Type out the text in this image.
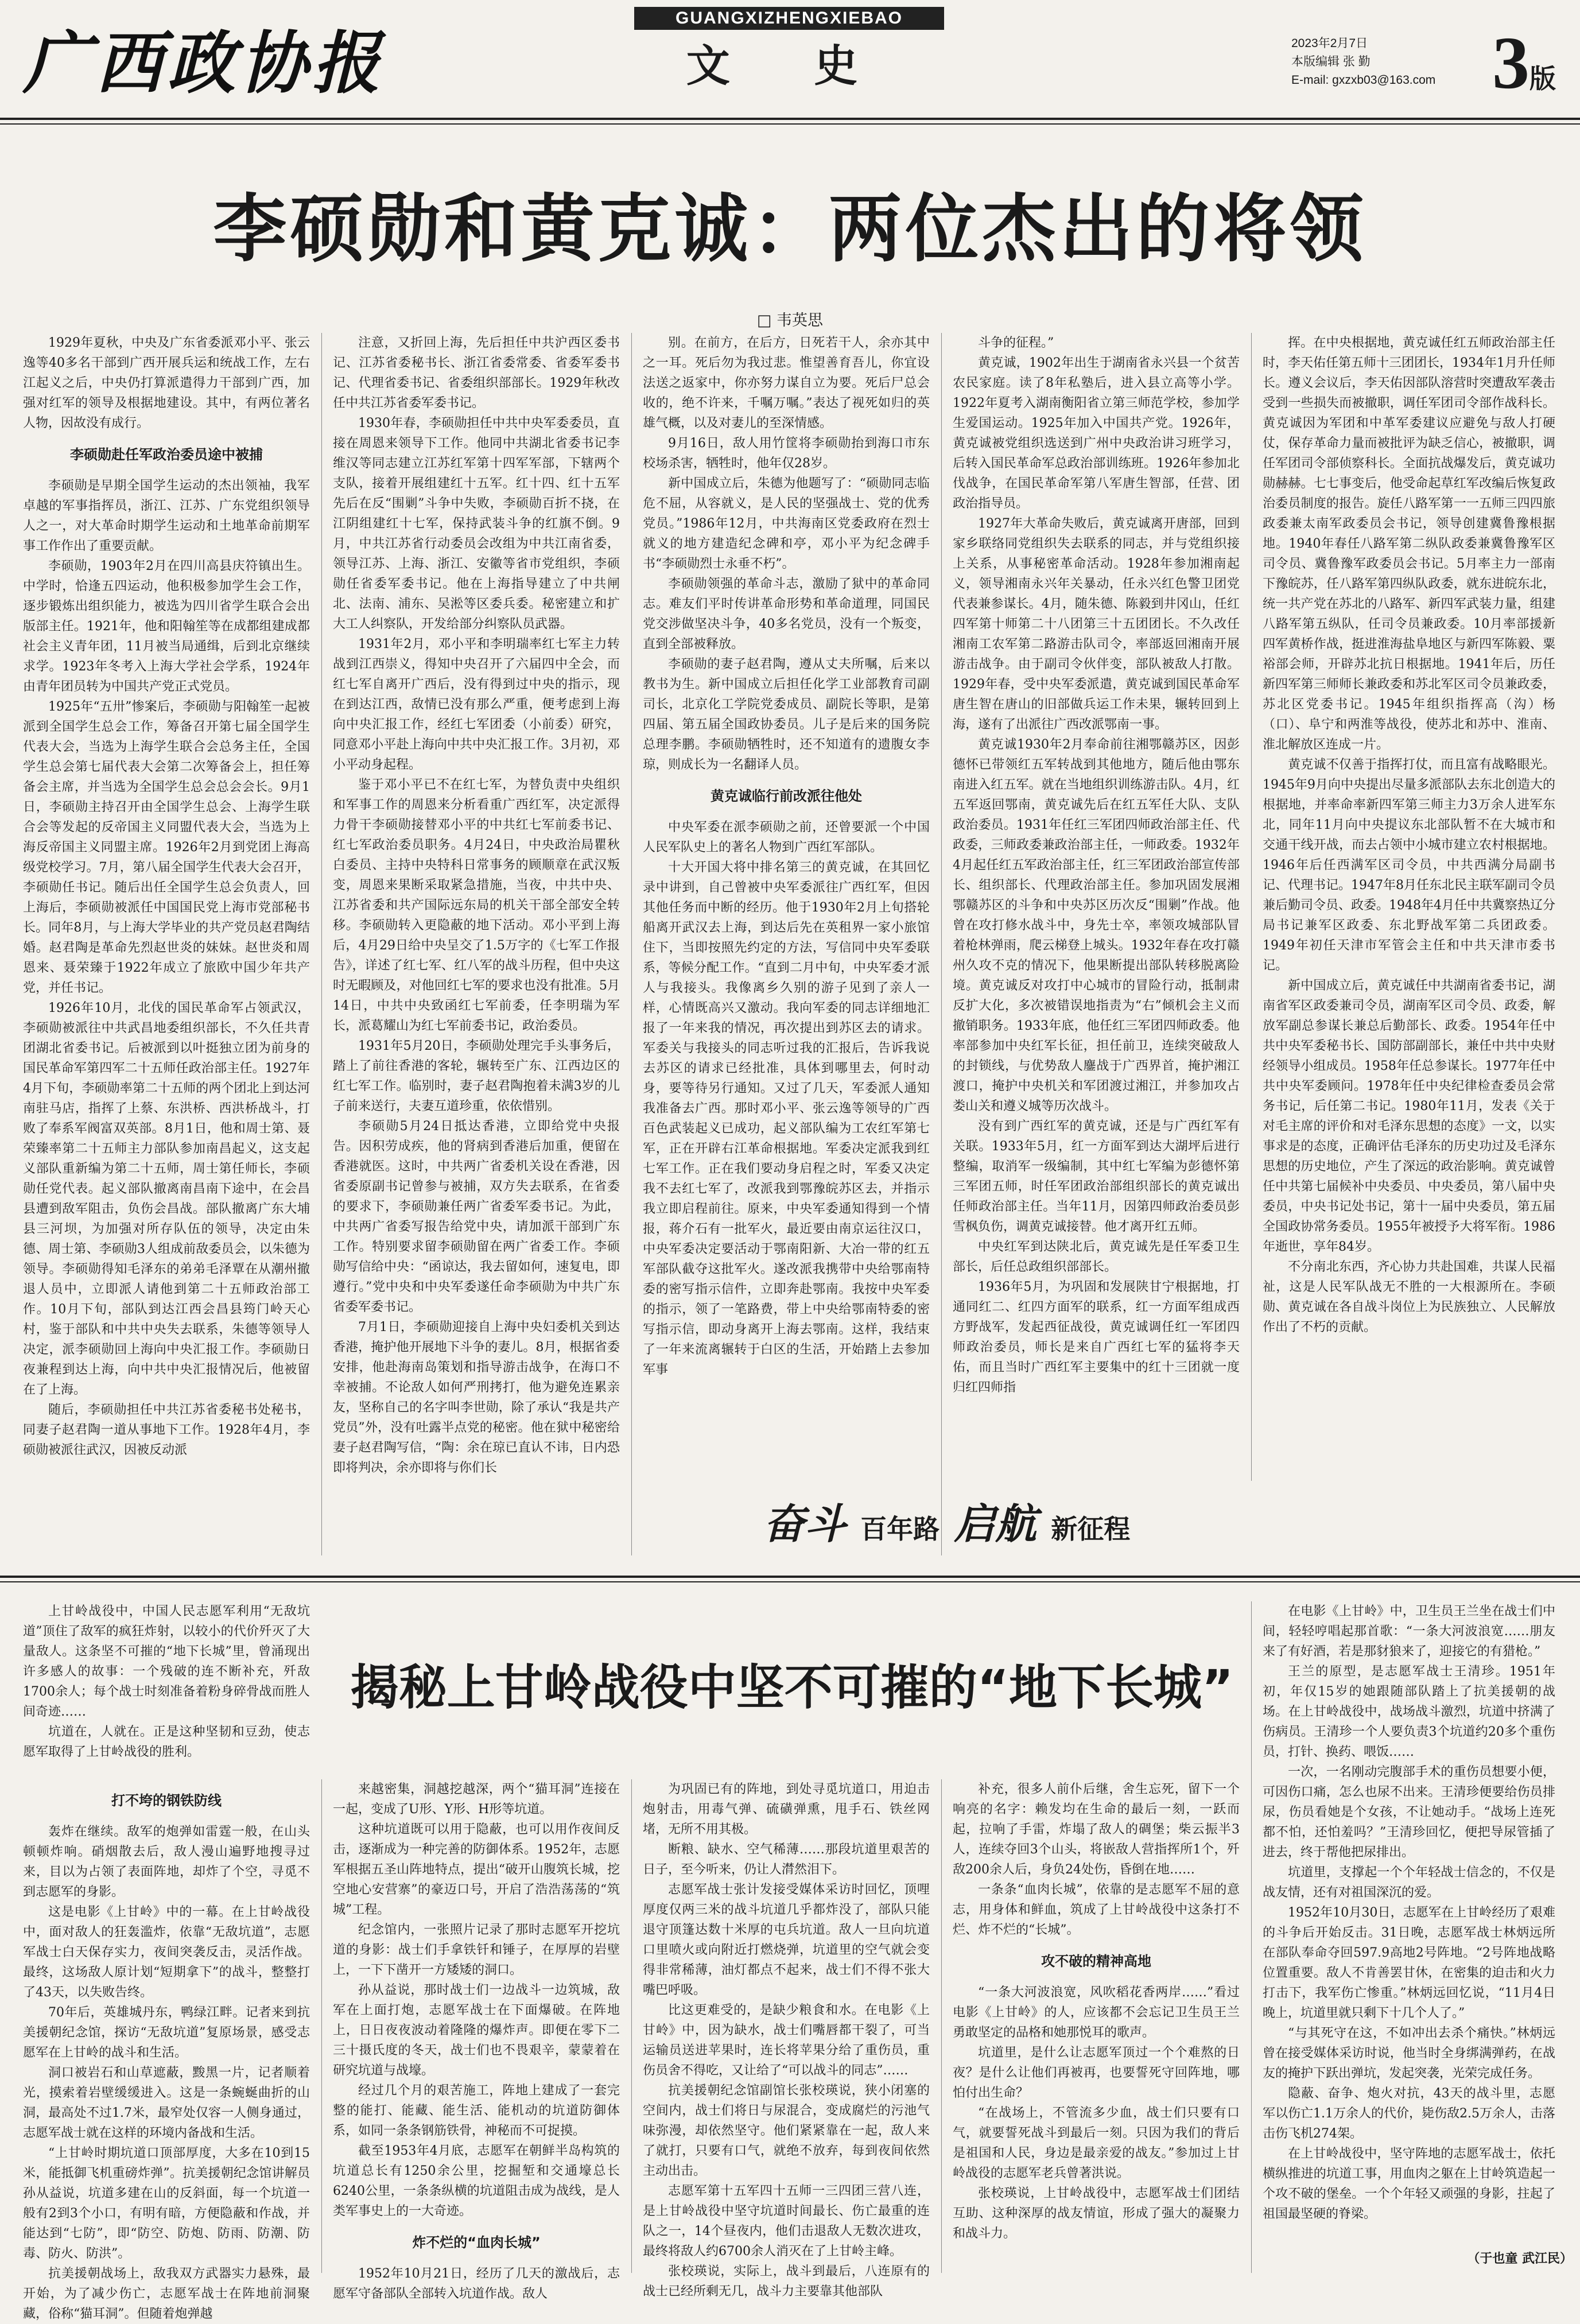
广西政协报
GUANGXIZHENGXIEBAO
文 史	2023年2月7日
本版编辑 张 勤
E-mail: gxzxb03@163.com 3版
李硕勋和黄克诚：两位杰出的将领
□ 韦英思

1929年夏秋，中央及广东省委派邓小平、张云逸等40多名干部到广西开展兵运和统战工作，左右江起义之后，中央仍打算派遣得力干部到广西，加强对红军的领导及根据地建设。其中，有两位著名人物，因故没有成行。

李硕勋赴任军政治委员途中被捕

李硕勋是早期全国学生运动的杰出领袖，我军卓越的军事指挥员，浙江、江苏、广东党组织领导人之一，对大革命时期学生运动和土地革命前期军事工作作出了重要贡献。

李硕勋，1903年2月在四川高县庆符镇出生。中学时，恰逢五四运动，他积极参加学生会工作，逐步锻炼出组织能力，被选为四川省学生联合会出版部主任。1921年，他和阳翰笙等在成都组建成都社会主义青年团，11月被当局通缉，后到北京继续求学。1923年冬考入上海大学社会学系，1924年由青年团员转为中国共产党正式党员。

1925年“五卅”惨案后，李硕勋与阳翰笙一起被派到全国学生总会工作，筹备召开第七届全国学生代表大会，当选为上海学生联合会总务主任，全国学生总会第七届代表大会第二次筹备会上，担任筹备会主席，并当选为全国学生总会总会会长。9月1日，李硕勋主持召开由全国学生总会、上海学生联合会等发起的反帝国主义同盟代表大会，当选为上海反帝国主义同盟主席。1926年2月到党团上海高级党校学习。7月，第八届全国学生代表大会召开，李硕勋任书记。随后出任全国学生总会负责人，回上海后，李硕勋被派任中国国民党上海市党部秘书长。同年8月，与上海大学毕业的共产党员赵君陶结婚。赵君陶是革命先烈赵世炎的妹妹。赵世炎和周恩来、聂荣臻于1922年成立了旅欧中国少年共产党，并任书记。

1926年10月，北伐的国民革命军占领武汉，李硕勋被派往中共武昌地委组织部长，不久任共青团湖北省委书记。后被派到以叶挺独立团为前身的国民革命军第四军二十五师任政治部主任。1927年4月下旬，李硕勋率第二十五师的两个团北上到达河南驻马店，指挥了上蔡、东洪桥、西洪桥战斗，打败了奉系军阀富双英部。8月1日，他和周士第、聂荣臻率第二十五师主力部队参加南昌起义，这支起义部队重新编为第二十五师，周士第任师长，李硕勋任党代表。起义部队撤离南昌南下途中，在会昌县遭到敌军阻击，负伤会昌战。部队撤离广东大埔县三河坝，为加强对所存队伍的领导，决定由朱德、周士第、李硕勋3人组成前敌委员会，以朱德为领导。李硕勋得知毛泽东的弟弟毛泽覃在从潮州撤退人员中，立即派人请他到第二十五师政治部工作。10月下旬，部队到达江西会昌县筠门岭天心村，鉴于部队和中共中央失去联系，朱德等领导人决定，派李硕勋回上海向中央汇报工作。李硕勋日夜兼程到达上海，向中共中央汇报情况后，他被留在了上海。

随后，李硕勋担任中共江苏省委秘书处秘书，同妻子赵君陶一道从事地下工作。1928年4月，李硕勋被派往武汉，因被反动派

注意，又折回上海，先后担任中共沪西区委书记、江苏省委秘书长、浙江省委常委、省委军委书记、代理省委书记、省委组织部部长。1929年秋改任中共江苏省委军委书记。

1930年春，李硕勋担任中共中央军委委员，直接在周恩来领导下工作。他同中共湖北省委书记李维汉等同志建立江苏红军第十四军军部，下辖两个支队，接着开展组建红十五军。红十四、红十五军先后在反“围剿”斗争中失败，李硕勋百折不挠，在江阴组建红十七军，保持武装斗争的红旗不倒。9月，中共江苏省行动委员会改组为中共江南省委，领导江苏、上海、浙江、安徽等省市党组织，李硕勋任省委军委书记。他在上海指导建立了中共闸北、法南、浦东、吴淞等区委兵委。秘密建立和扩大工人纠察队，开发给部分纠察队员武器。

1931年2月，邓小平和李明瑞率红七军主力转战到江西崇义，得知中央召开了六届四中全会，而红七军自离开广西后，没有得到过中央的指示，现在到达江西，敌情已没有那么严重，便考虑到上海向中央汇报工作，经红七军团委（小前委）研究，同意邓小平赴上海向中共中央汇报工作。3月初，邓小平动身起程。

鉴于邓小平已不在红七军，为替负责中央组织和军事工作的周恩来分析看重广西红军，决定派得力骨干李硕勋接替邓小平的中共红七军前委书记、红七军政治委员职务。4月24日，中央政治局瞿秋白委员、主持中央特科日常事务的顾顺章在武汉叛变，周恩来果断采取紧急措施，当夜，中共中央、江苏省委和共产国际远东局的机关干部全部安全转移。李硕勋转入更隐蔽的地下活动。邓小平到上海后，4月29日给中央呈交了1.5万字的《七军工作报告》，详述了红七军、红八军的战斗历程，但中央这时无暇顾及，对他回红七军的要求也没有批准。5月14日，中共中央致函红七军前委，任李明瑞为军长，派葛耀山为红七军前委书记，政治委员。

1931年5月20日，李硕勋处理完手头事务后，踏上了前往香港的客轮，辗转至广东、江西边区的红七军工作。临别时，妻子赵君陶抱着未满3岁的儿子前来送行，夫妻互道珍重，依依惜别。

李硕勋5月24日抵达香港，立即给党中央报告。因积劳成疾，他的肾病到香港后加重，便留在香港就医。这时，中共两广省委机关设在香港，因省委原副书记曾参与被捕，双方失去联系，在省委的要求下，李硕勋兼任两广省委军委书记。为此，中共两广省委写报告给党中央，请加派干部到广东工作。特别要求留李硕勋留在两广省委工作。李硕勋写信给中央：“函谅达，我去留如何，速复电，即遵行。”党中央和中央军委遂任命李硕勋为中共广东省委军委书记。

7月1日，李硕勋迎接自上海中央妇委机关到达香港，掩护他开展地下斗争的妻儿。8月，根据省委安排，他赴海南岛策划和指导游击战争，在海口不幸被捕。不论敌人如何严刑拷打，他为避免连累亲友，坚称自己的名字叫李世勋，除了承认“我是共产党员”外，没有吐露半点党的秘密。他在狱中秘密给妻子赵君陶写信，“陶：余在琼已直认不讳，日内恐即将判决，余亦即将与你们长

别。在前方，在后方，日死若干人，余亦其中之一耳。死后勿为我过悲。惟望善育吾儿，你宜设法送之返家中，你亦努力谋自立为要。死后尸总会收的，绝不许来，千嘱万嘱。”表达了视死如归的英雄气概，以及对妻儿的至深情感。

9月16日，敌人用竹筐将李硕勋抬到海口市东校场杀害，牺牲时，他年仅28岁。

新中国成立后，朱德为他题写了：“硕勋同志临危不屈，从容就义，是人民的坚强战士、党的优秀党员。”1986年12月，中共海南区党委政府在烈士就义的地方建造纪念碑和亭，邓小平为纪念碑手书“李硕勋烈士永垂不朽”。

李硕勋领强的革命斗志，激励了狱中的革命同志。难友们平时传讲革命形势和革命道理，同国民党交涉做坚决斗争，40多名党员，没有一个叛变，直到全部被释放。

李硕勋的妻子赵君陶，遵从丈夫所嘱，后来以教书为生。新中国成立后担任化学工业部教育司副司长，北京化工学院党委成员、副院长等职，是第四届、第五届全国政协委员。儿子是后来的国务院总理李鹏。李硕勋牺牲时，还不知道有的遗腹女李琼，则成长为一名翻译人员。

黄克诚临行前改派往他处

中央军委在派李硕勋之前，还曾要派一个中国人民军队史上的著名人物到广西红军部队。

十大开国大将中排名第三的黄克诚，在其回忆录中讲到，自己曾被中央军委派往广西红军，但因其他任务而中断的经历。他于1930年2月上旬搭轮船离开武汉去上海，到达后先在英租界一家小旅馆住下，当即按照先约定的方法，写信同中央军委联系，等候分配工作。“直到二月中旬，中央军委才派人与我接头。我像离乡久别的游子见到了亲人一样，心情既高兴又激动。我向军委的同志详细地汇报了一年来我的情况，再次提出到苏区去的请求。军委关与我接头的同志听过我的汇报后，告诉我说去苏区的请求已经批准，具体到哪里去，何时动身，要等待另行通知。又过了几天，军委派人通知我准备去广西。那时邓小平、张云逸等领导的广西百色武装起义已成功，起义部队编为工农红军第七军，正在开辟右江革命根据地。军委决定派我到红七军工作。正在我们要动身启程之时，军委又决定我不去红七军了，改派我到鄂豫皖苏区去，并指示我立即启程前往。原来，中央军委通知得到一个情报，蒋介石有一批军火，最近要由南京运往汉口，中央军委决定要活动于鄂南阳新、大冶一带的红五军部队截夺这批军火。遂改派我携带中央给鄂南特委的密写指示信件，立即奔赴鄂南。我按中央军委的指示，领了一笔路费，带上中央给鄂南特委的密写指示信，即动身离开上海去鄂南。这样，我结束了一年来流离辗转于白区的生活，开始踏上去参加军事

斗争的征程。”

黄克诚，1902年出生于湖南省永兴县一个贫苦农民家庭。读了8年私塾后，进入县立高等小学。1922年夏考入湖南衡阳省立第三师范学校，参加学生爱国运动。1925年加入中国共产党。1926年，黄克诚被党组织选送到广州中央政治讲习班学习，后转入国民革命军总政治部训练班。1926年参加北伐战争，在国民革命军第八军唐生智部，任营、团政治指导员。

1927年大革命失败后，黄克诚离开唐部，回到家乡联络同党组织失去联系的同志，并与党组织接上关系，从事秘密革命活动。1928年参加湘南起义，领导湘南永兴年关暴动，任永兴红色警卫团党代表兼参谋长。4月，随朱德、陈毅到井冈山，任红四军第十师第二十八团第三十五团团长。不久改任湘南工农军第二路游击队司令，率部返回湘南开展游击战争。由于副司令伙伴变，部队被敌人打散。1929年春，受中央军委派遣，黄克诚到国民革命军唐生智在唐山的旧部做兵运工作未果，辗转回到上海，遂有了出派往广西改派鄂南一事。

黄克诚1930年2月奉命前往湘鄂赣苏区，因彭德怀已带领红五军转战到其他地方，随后他由鄂东南进入红五军。就在当地组织训练游击队。4月，红五军返回鄂南，黄克诚先后在红五军任大队、支队政治委员。1931年任红三军团四师政治部主任、代政委，三师政委兼政治部主任，一师政委。1932年4月起任红五军政治部主任，红三军团政治部宣传部长、组织部长、代理政治部主任。参加巩固发展湘鄂赣苏区的斗争和中央苏区历次反“围剿”作战。他曾在攻打修水战斗中，身先士卒，率领攻城部队冒着枪林弹雨，爬云梯登上城头。1932年春在攻打赣州久攻不克的情况下，他果断提出部队转移脱离险境。黄克诚反对攻打中心城市的冒险行动，抵制肃反扩大化，多次被错误地指责为“右”倾机会主义而撤销职务。1933年底，他任红三军团四师政委。他率部参加中央红军长征，担任前卫，连续突破敌人的封锁线，与优势敌人鏖战于广西界首，掩护湘江渡口，掩护中央机关和军团渡过湘江，并参加攻占娄山关和遵义城等历次战斗。

没有到广西红军的黄克诚，还是与广西红军有关联。1933年5月，红一方面军到达大湖坪后进行整编，取消军一级编制，其中红七军编为彭德怀第三军团五师，时任军团政治部组织部长的黄克诚出任师政治部主任。当年11月，因第四师政治委员彭雪枫负伤，调黄克诚接替。他才离开红五师。

中央红军到达陕北后，黄克诚先是任军委卫生部长，后任总政组织部部长。

1936年5月，为巩固和发展陕甘宁根据地，打通同红二、红四方面军的联系，红一方面军组成西方野战军，发起西征战役，黄克诚调任红一军团四师政治委员，师长是来自广西红七军的猛将李天佑，而且当时广西红军主要集中的红十三团就一度归红四师指

挥。在中央根据地，黄克诚任红五师政治部主任时，李天佑任第五师十三团团长，1934年1月升任师长。遵义会议后，李天佑因部队溶营时突遭敌军袭击受到一些损失而被撤职，调任军团司令部作战科长。黄克诚因为军团和中革军委建议应避免与敌人打硬仗，保存革命力量而被批评为缺乏信心，被撤职，调任军团司令部侦察科长。全面抗战爆发后，黄克诚功勋赫赫。七七事变后，他受命起草红军改编后恢复政治委员制度的报告。旋任八路军第一一五师三四四旅政委兼太南军政委员会书记，领导创建冀鲁豫根据地。1940年春任八路军第二纵队政委兼冀鲁豫军区司令员、冀鲁豫军政委员会书记。5月率主力一部南下豫皖苏，任八路军第四纵队政委，就东进皖东北，统一共产党在苏北的八路军、新四军武装力量，组建八路军第五纵队，任司令员兼政委。10月率部援新四军黄桥作战，挺进淮海盐阜地区与新四军陈毅、粟裕部会师，开辟苏北抗日根据地。1941年后，历任新四军第三师师长兼政委和苏北军区司令员兼政委，苏北区党委书记。1945年组织指挥高（沟）杨（口）、阜宁和两淮等战役，使苏北和苏中、淮南、淮北解放区连成一片。

黄克诚不仅善于指挥打仗，而且富有战略眼光。1945年9月向中央提出尽量多派部队去东北创造大的根据地，并率命率新四军第三师主力3万余人进军东北，同年11月向中央提议东北部队暂不在大城市和交通干线开战，而去占领中小城市建立农村根据地。1946年后任西满军区司令员，中共西满分局副书记、代理书记。1947年8月任东北民主联军副司令员兼后勤司令员、政委。1948年4月任中共冀察热辽分局书记兼军区政委、东北野战军第二兵团政委。1949年初任天津市军管会主任和中共天津市委书记。

新中国成立后，黄克诚任中共湖南省委书记，湖南省军区政委兼司令员，湖南军区司令员、政委，解放军副总参谋长兼总后勤部长、政委。1954年任中共中央军委秘书长、国防部副部长，兼任中共中央财经领导小组成员。1958年任总参谋长。1977年任中共中央军委顾问。1978年任中央纪律检查委员会常务书记，后任第二书记。1980年11月，发表《关于对毛主席的评价和对毛泽东思想的态度》一文，以实事求是的态度，正确评估毛泽东的历史功过及毛泽东思想的历史地位，产生了深远的政治影响。黄克诚曾任中共第七届候补中央委员、中央委员，第八届中央委员，中央书记处书记，第十一届中央委员，第五届全国政协常务委员。1955年被授予大将军衔。1986年逝世，享年84岁。

不分南北东西，齐心协力共赴国难，共谋人民福祉，这是人民军队战无不胜的一大根源所在。李硕勋、黄克诚在各自战斗岗位上为民族独立、人民解放作出了不朽的贡献。

奋斗 百年路 启航 新征程

上甘岭战役中，中国人民志愿军利用“无敌坑道”顶住了敌军的疯狂炸射，以较小的代价歼灭了大量敌人。这条坚不可摧的“地下长城”里，曾涌现出许多感人的故事：一个残破的连不断补充，歼敌1700余人；每个战士时刻准备着粉身碎骨战而胜人间奇迹……

坑道在，人就在。正是这种坚韧和豆劲，使志愿军取得了上甘岭战役的胜利。

揭秘上甘岭战役中坚不可摧的“地下长城”
打不垮的钢铁防线

轰炸在继续。敌军的炮弹如雷霆一般，在山头顿顿炸响。硝烟散去后，敌人漫山遍野地搜寻过来，目以为占领了表面阵地，却炸了个空，寻觅不到志愿军的身影。

这是电影《上甘岭》中的一幕。在上甘岭战役中，面对敌人的狂轰滥炸，依靠“无敌坑道”，志愿军战士白天保存实力，夜间突袭反击，灵活作战。最终，这场敌人原计划“短期拿下”的战斗，整整打了43天，以失败告终。

70年后，英雄城丹东，鸭绿江畔。记者来到抗美援朝纪念馆，探访“无敌坑道”复原场景，感受志愿军在上甘岭的战斗和生活。

洞口被岩石和山草遮蔽，黢黑一片，记者顺着光，摸索着岩壁缓缓进入。这是一条蜿蜒曲折的山洞，最高处不过1.7米，最窄处仅容一人侧身通过，志愿军战士就在这样的环境内备战和生活。

“上甘岭时期坑道口顶部厚度，大多在10到15米，能抵御飞机重磅炸弹”。抗美援朝纪念馆讲解员孙从益说，坑道多建在山的反斜面，每一个坑道一般有2到3个小口，有明有暗，方便隐蔽和作战，并能达到“七防”，即“防空、防炮、防雨、防潮、防毒、防火、防洪”。

抗美援朝战场上，敌我双方武器实力悬殊，最开始，为了减少伤亡，志愿军战士在阵地前洞聚藏，俗称“猫耳洞”。但随着炮弹越

来越密集，洞越挖越深，两个“猫耳洞”连接在一起，变成了U形、Y形、H形等坑道。

这种坑道既可以用于隐蔽，也可以用作夜间反击，逐渐成为一种完善的防御体系。1952年，志愿军根据五圣山阵地特点，提出“破开山腹筑长城，挖空地心安营寨”的豪迈口号，开启了浩浩荡荡的“筑城”工程。

纪念馆内，一张照片记录了那时志愿军开挖坑道的身影：战士们手拿铁钎和锤子，在厚厚的岩壁上，一下下凿开一方矮矮的洞口。

孙从益说，那时战士们一边战斗一边筑城，敌军在上面打炮，志愿军战士在下面爆破。在阵地上，日日夜夜波动着隆隆的爆炸声。即便在零下二三十摄氏度的冬天，战士们也不畏艰辛，蒙蒙着在研究坑道与战壕。

经过几个月的艰苦施工，阵地上建成了一套完整的能打、能藏、能生活、能机动的坑道防御体系，如同一条条钢筋铁骨，神秘而不可捉摸。

截至1953年4月底，志愿军在朝鲜半岛构筑的坑道总长有1250余公里，挖掘堑和交通壕总长6240公里，一条条纵横的坑道阻击成为战线，是人类军事史上的一大奇迹。

炸不烂的“血肉长城”

1952年10月21日，经历了几天的激战后，志愿军守备部队全部转入坑道作战。敌人

为巩固已有的阵地，到处寻觅坑道口，用迫击炮射击，用毒气弹、硫磺弹熏，甩手石、铁丝网堵，无所不用其极。

断粮、缺水、空气稀薄……那段坑道里艰苦的日子，至今听来，仍让人潸然泪下。

志愿军战士张计发接受媒体采访时回忆，顶哩厚度仅两三米的战斗坑道几乎都炸没了，部队只能退守顶篷达数十米厚的屯兵坑道。敌人一旦向坑道口里喷火或向附近打燃烧弹，坑道里的空气就会变得非常稀薄，油灯都点不起来，战士们不得不张大嘴巴呼吸。

比这更难受的，是缺少粮食和水。在电影《上甘岭》中，因为缺水，战士们嘴唇都干裂了，可当运输员送进苹果时，连长将苹果分给了重伤员，重伤员舍不得吃，又让给了“可以战斗的同志”……

抗美援朝纪念馆副馆长张校瑛说，狭小闭塞的空间内，战士们将日与尿混合，变成腐烂的污池气味弥漫，却依然坚守。他们紧紧靠在一起，敌人来了就打，只要有口气，就绝不放弃，每到夜间依然主动出击。

志愿军第十五军四十五师一三四团三营八连，是上甘岭战役中坚守坑道时间最长、伤亡最重的连队之一，14个昼夜内，他们击退敌人无数次进攻，最终将敌人约6700余人消灭在了上甘岭主峰。

张校瑛说，实际上，战斗到最后，八连原有的战士已经所剩无几，战斗力主要靠其他部队

补充，很多人前仆后继，舍生忘死，留下一个响亮的名字：赖发均在生命的最后一刻，一跃而起，拉响了手雷，炸塌了敌人的碉堡；柴云振半3人，连续夺回3个山头，将嵌敌人营指挥所1个，歼敌200余人后，身负24处伤，昏倒在地……

一条条“血肉长城”，依靠的是志愿军不屈的意志，用身体和鲜血，筑成了上甘岭战役中这条打不烂、炸不烂的“长城”。

攻不破的精神高地

“一条大河波浪宽，风吹稻花香两岸……”看过电影《上甘岭》的人，应该都不会忘记卫生员王兰勇敢坚定的品格和她那悦耳的歌声。

坑道里，是什么让志愿军顶过一个个难熬的日夜？是什么让他们再被再，也要誓死守回阵地，哪怕付出生命？

“在战场上，不管流多少血，战士们只要有口气，就要誓死战斗到最后一刻。只因为我们的背后是祖国和人民，身边是最亲爱的战友。”参加过上甘岭战役的志愿军老兵曾著洪说。

张校瑛说，上甘岭战役中，志愿军战士们团结互助、这种深厚的战友情谊，形成了强大的凝聚力和战斗力。

在电影《上甘岭》中，卫生员王兰坐在战士们中间，轻轻哼唱起那首歌：“一条大河波浪宽……朋友来了有好酒，若是那豺狼来了，迎接它的有猎枪。”

王兰的原型，是志愿军战士王清珍。1951年初，年仅15岁的她跟随部队踏上了抗美援朝的战场。在上甘岭战役中，战场战斗激烈，坑道中挤满了伤病员。王清珍一个人要负责3个坑道约20多个重伤员，打针、换药、喂饭……

一次，一名刚动完腹部手术的重伤员想要小便，可因伤口痛，怎么也尿不出来。王清珍便要给伤员排尿，伤员看她是个女孩，不让她动手。“战场上连死都不怕，还怕羞吗？”王清珍回忆，便把导尿管插了进去，终于帮他把尿排出。

坑道里，支撑起一个个年轻战士信念的，不仅是战友情，还有对祖国深沉的爱。

1952年10月30日，志愿军在上甘岭经历了艰难的斗争后开始反击。31日晚，志愿军战士林炳远所在部队奉命夺回597.9高地2号阵地。“2号阵地战略位置重要。敌人不肯善罢甘休，在密集的迫击和火力打击下，我军伤亡惨重。”林炳远回忆说，“11月4日晚上，坑道里就只剩下十几个人了。”

“与其死守在这，不如冲出去杀个痛快。”林炳远曾在接受媒体采访时说，他当时全身绑满弹药，在战友的掩护下跃出弹坑，发起突袭，光荣完成任务。

隐蔽、奋争、炮火对抗，43天的战斗里，志愿军以伤亡1.1万余人的代价，毙伤敌2.5万余人，击落击伤飞机274架。

在上甘岭战役中，坚守阵地的志愿军战士，依托横纵推进的坑道工事，用血肉之躯在上甘岭筑造起一个攻不破的堡垒。一个个年轻又顽强的身影，拄起了祖国最坚硬的脊梁。

（于也童 武江民）
